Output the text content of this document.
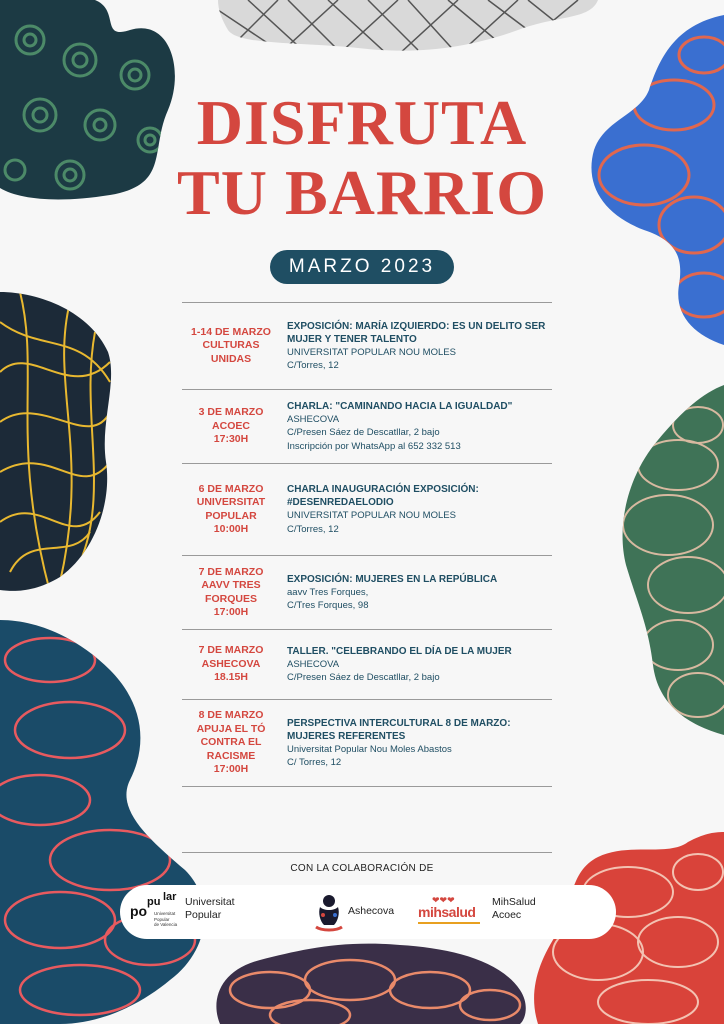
DISFRUTA
TU BARRIO
MARZO 2023
1-14 DE MARZO
CULTURAS
UNIDAS
EXPOSICIÓN: MARÍA IZQUIERDO: ES UN DELITO SER
MUJER Y TENER TALENTO
UNIVERSITAT POPULAR NOU MOLES
C/Torres, 12
3 DE MARZO
ACOEC
17:30H
CHARLA: "CAMINANDO HACIA LA IGUALDAD"
ASHECOVA
C/Presen Sáez de Descatllar, 2 bajo
Inscripción por WhatsApp al 652 332 513
6 DE MARZO
UNIVERSITAT
POPULAR
10:00H
CHARLA INAUGURACIÓN EXPOSICIÓN:
#DESENREDAELODIO
UNIVERSITAT POPULAR NOU MOLES
C/Torres, 12
7 DE MARZO
AAVV TRES
FORQUES
17:00H
EXPOSICIÓN: MUJERES EN LA REPÚBLICA
aavv Tres Forques,
C/Tres Forques, 98
7 DE MARZO
ASHECOVA
18.15H
TALLER. "CELEBRANDO EL DÍA DE LA MUJER
ASHECOVA
C/Presen Sáez de Descatllar, 2 bajo
8 DE MARZO
APUJA EL TÓ
CONTRA EL
RACISME
17:00H
PERSPECTIVA INTERCULTURAL 8 DE MARZO:
MUJERES REFERENTES
Universitat Popular Nou Moles Abastos
C/ Torres, 12
CON LA COLABORACIÓN DE
po
pu lar
Universitat
Popular
de Valencia
Universitat
Popular	Ashecova
❤❤❤
mihsalud
MihSalud
Acoec
